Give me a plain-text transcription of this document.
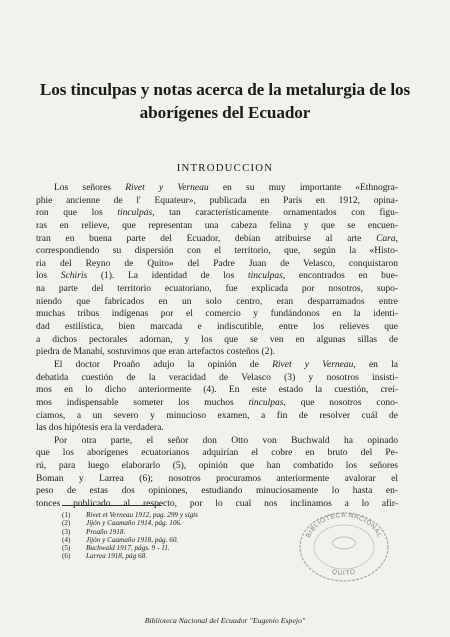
Los tinculpas y notas acerca de la metalurgia de los
aborígenes del Ecuador
INTRODUCCION
Los señores Rivet y Verneau en su muy importante «Ethnogra-
phie ancienne de l' Equateur», publicada en París en 1912, opina-
ron que los tinculpas, tan característicamente ornamentados con figu-
ras en relieve, que representan una cabeza felina y que se encuen-
tran en buena parte del Ecuador, debían atribuirse al arte Cara,
correspondiendo su dispersión con el territorio, que, según la «Histo-
ria del Reyno de Quito» del Padre Juan de Velasco, conquistaron
los Schiris (1). La identidad de los tinculpas, encontrados en bue-
na parte del territorio ecuatoriano, fue explicada por nosotros, supo-
niendo que fabricados en un solo centro, eran desparramados entre
muchas tribus indígenas por el comercio y fundándonos en la identi-
dad estilística, bien marcada e indiscutible, entre los relieves que
a dichos pectorales adornan, y los que se ven en algunas sillas de
piedra de Manabí, sostuvimos que eran artefactos costeños (2).
El doctor Proaño adujo la opinión de Rivet y Verneau, en la
debatida cuestión de la veracidad de Velasco (3) y nosotros insisti-
mos en lo dicho anteriormente (4). En este estado la cuestión, creí-
mos indispensable someter los muchos tinculpas, que nosotros cono-
cíamos, a un severo y minucioso examen, a fin de resolver cuál de
las dos hipótesis era la verdadera.
Por otra parte, el señor don Otto von Buchwald ha opinado
que los aborígenes ecuatorianos adquirían el cobre en bruto del Pe-
rú, para luego elaborarlo (5), opinión que han combatido los señores
Boman y Larrea (6); nosotros procuramos anteriormente avalorar el
peso de estas dos opiniones, estudiando minuciosamente lo hasta en-
tonces publicado al respecto, por lo cual nos inclinamos a lo afir-
(1)	Rivet et Verneau 1912, pag. 299 y sigts
(2)	Jijón y Caamaño 1914, pág. 106.
(3)	Proaño 1918.
(4)	Jijón y Caamaño 1918, pág. 60.
(5)	Buchwald 1917, págs. 9 - 11.
(6)	Larrea 1918, pág 68.
BIBLIOTECA NACIONAL
QUITO
Biblioteca Nacional del Ecuador "Eugenio Espejo"
